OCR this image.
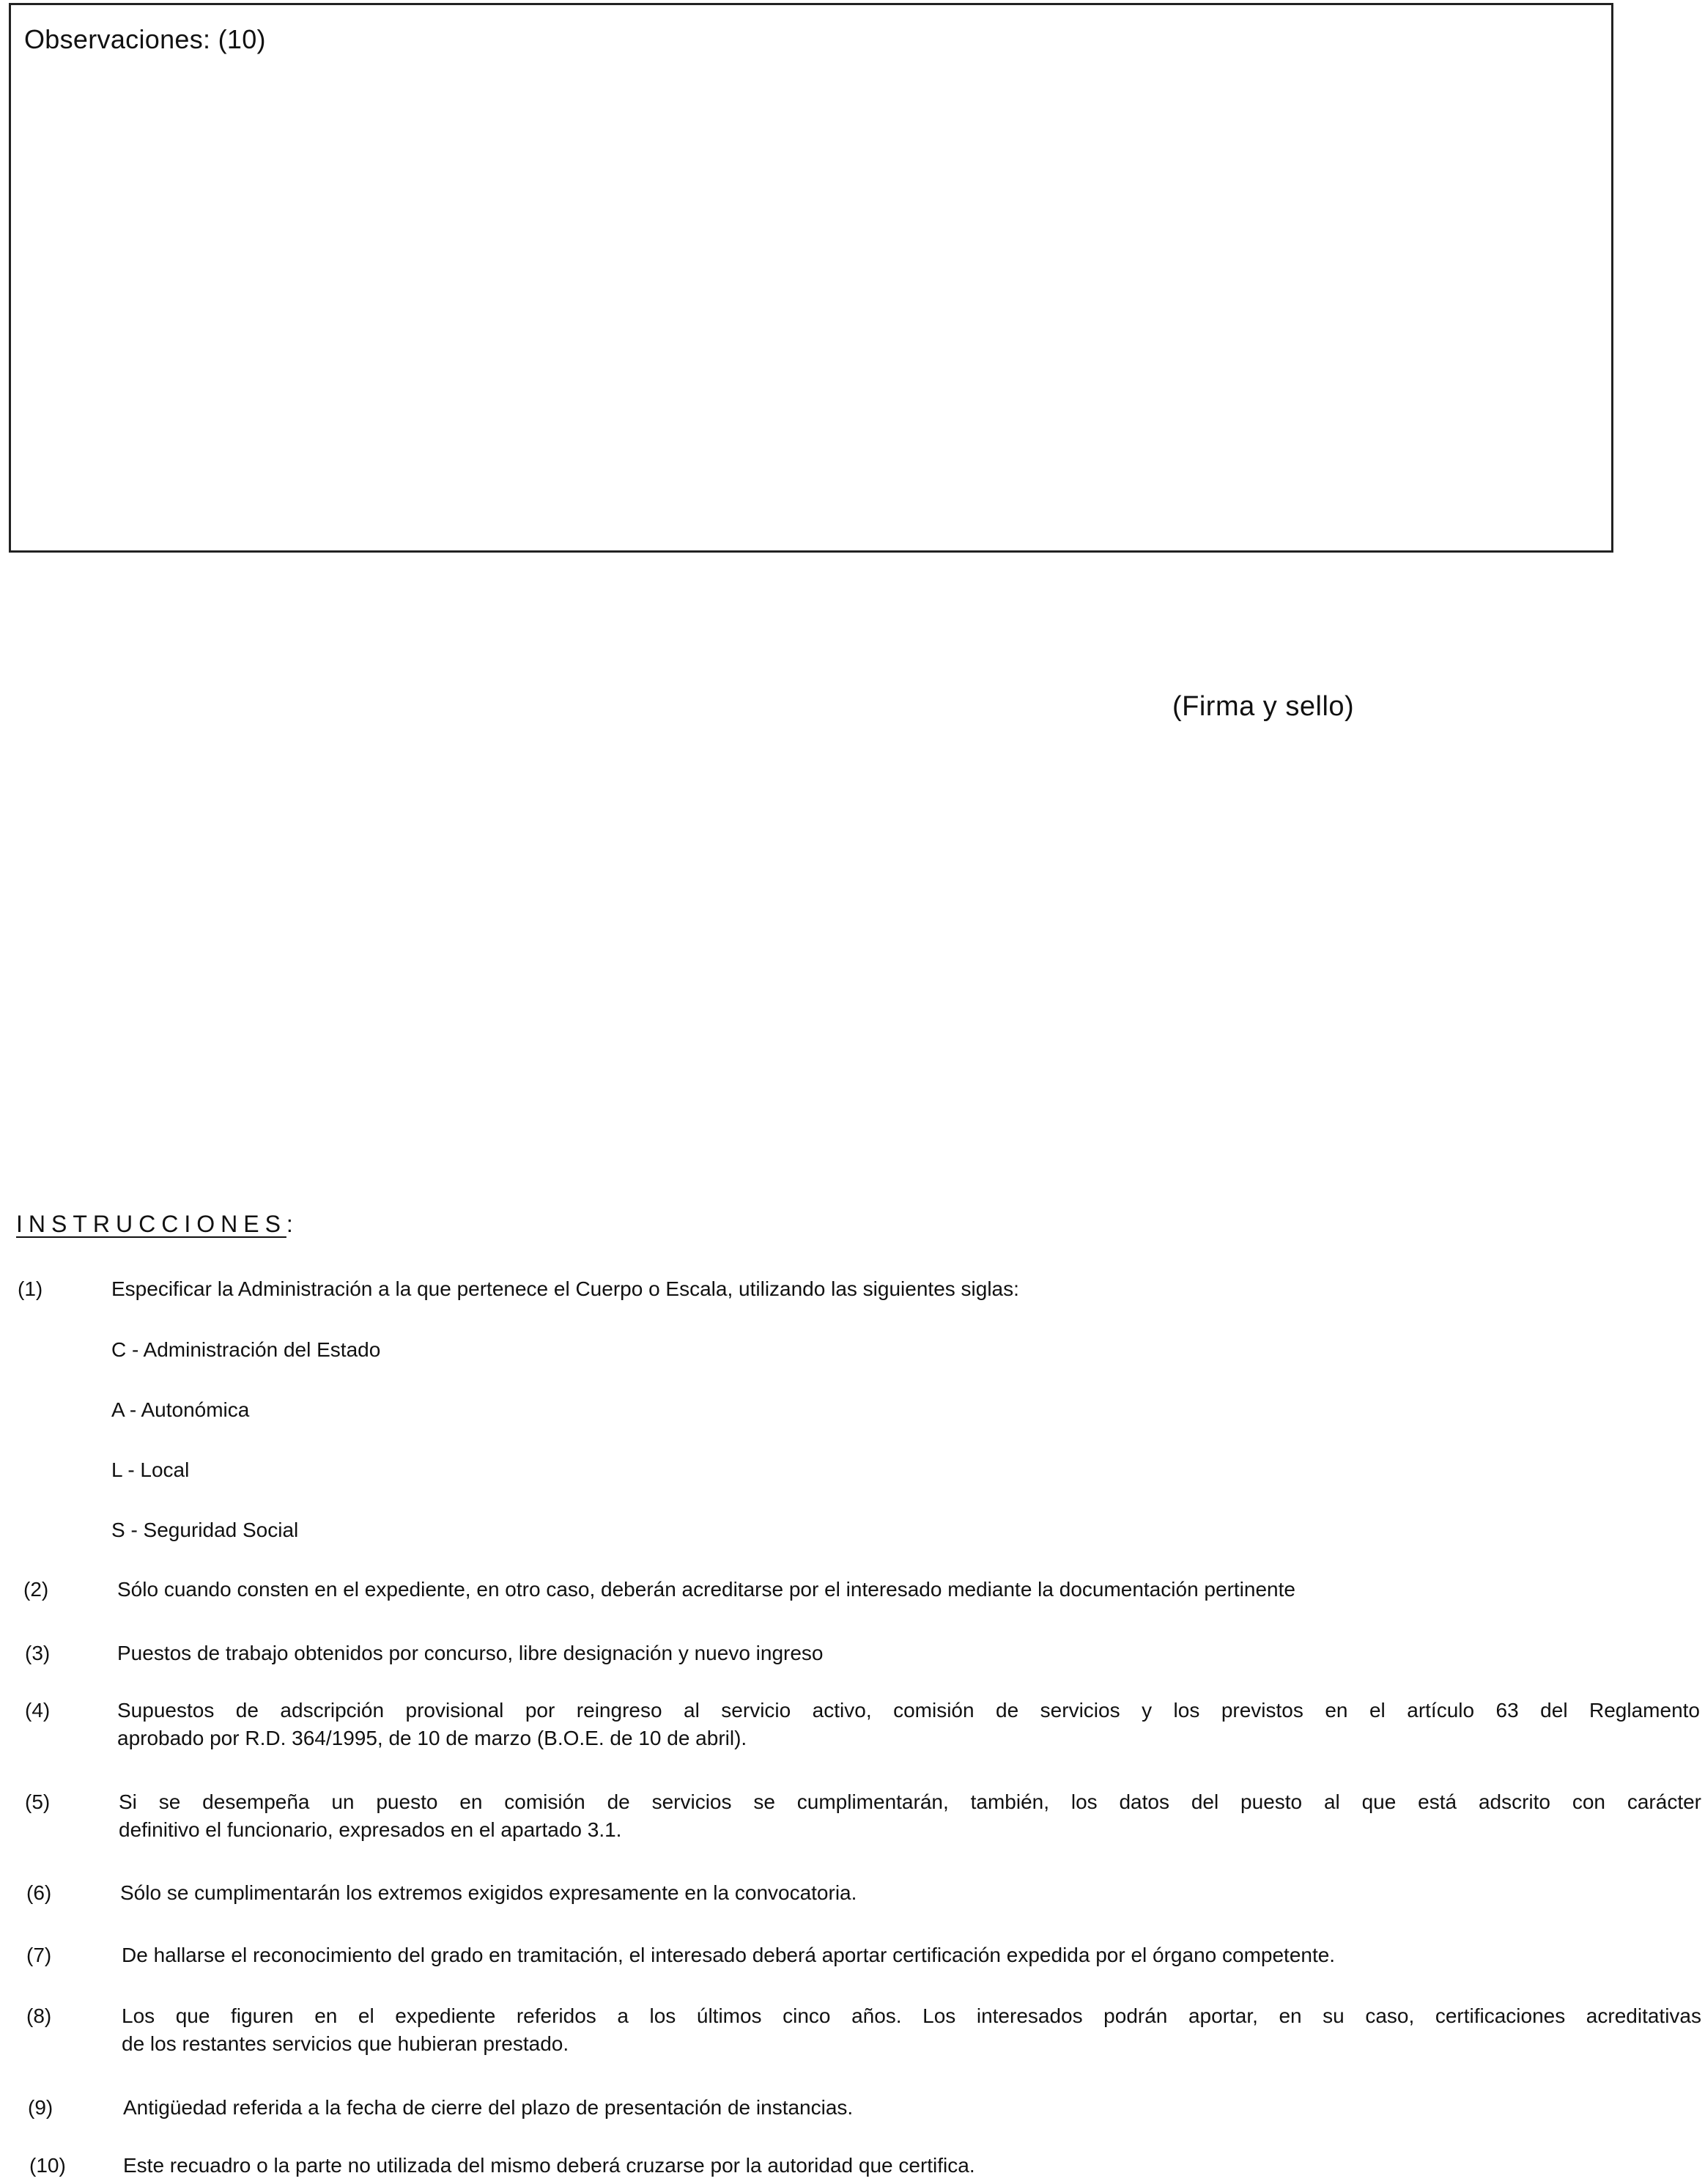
Observaciones: (10)
(Firma y sello)
INSTRUCCIONES:
(1)	Especificar la Administración a la que pertenece el Cuerpo o Escala, utilizando las siguientes siglas:
C - Administración del Estado
A - Autonómica
L - Local
S - Seguridad Social
(2)	Sólo cuando consten en el expediente, en otro caso, deberán acreditarse por el interesado mediante la documentación pertinente
(3)	Puestos de trabajo obtenidos por concurso, libre designación y nuevo ingreso
(4)	Supuestos de adscripción provisional por reingreso al servicio activo, comisión de servicios y los previstos en el artículo 63 del Reglamento
aprobado por R.D. 364/1995, de 10 de marzo (B.O.E. de 10 de abril).
(5)	Si se desempeña un puesto en comisión de servicios se cumplimentarán, también, los datos del puesto al que está adscrito con carácter
definitivo el funcionario, expresados en el apartado 3.1.
(6)	Sólo se cumplimentarán los extremos exigidos expresamente en la convocatoria.
(7)	De hallarse el reconocimiento del grado en tramitación, el interesado deberá aportar certificación expedida por el órgano competente.
(8)	Los que figuren en el expediente referidos a los últimos cinco años. Los interesados podrán aportar, en su caso, certificaciones acreditativas
de los restantes servicios que hubieran prestado.
(9)	Antigüedad referida a la fecha de cierre del plazo de presentación de instancias.
(10)	Este recuadro o la parte no utilizada del mismo deberá cruzarse por la autoridad que certifica.
